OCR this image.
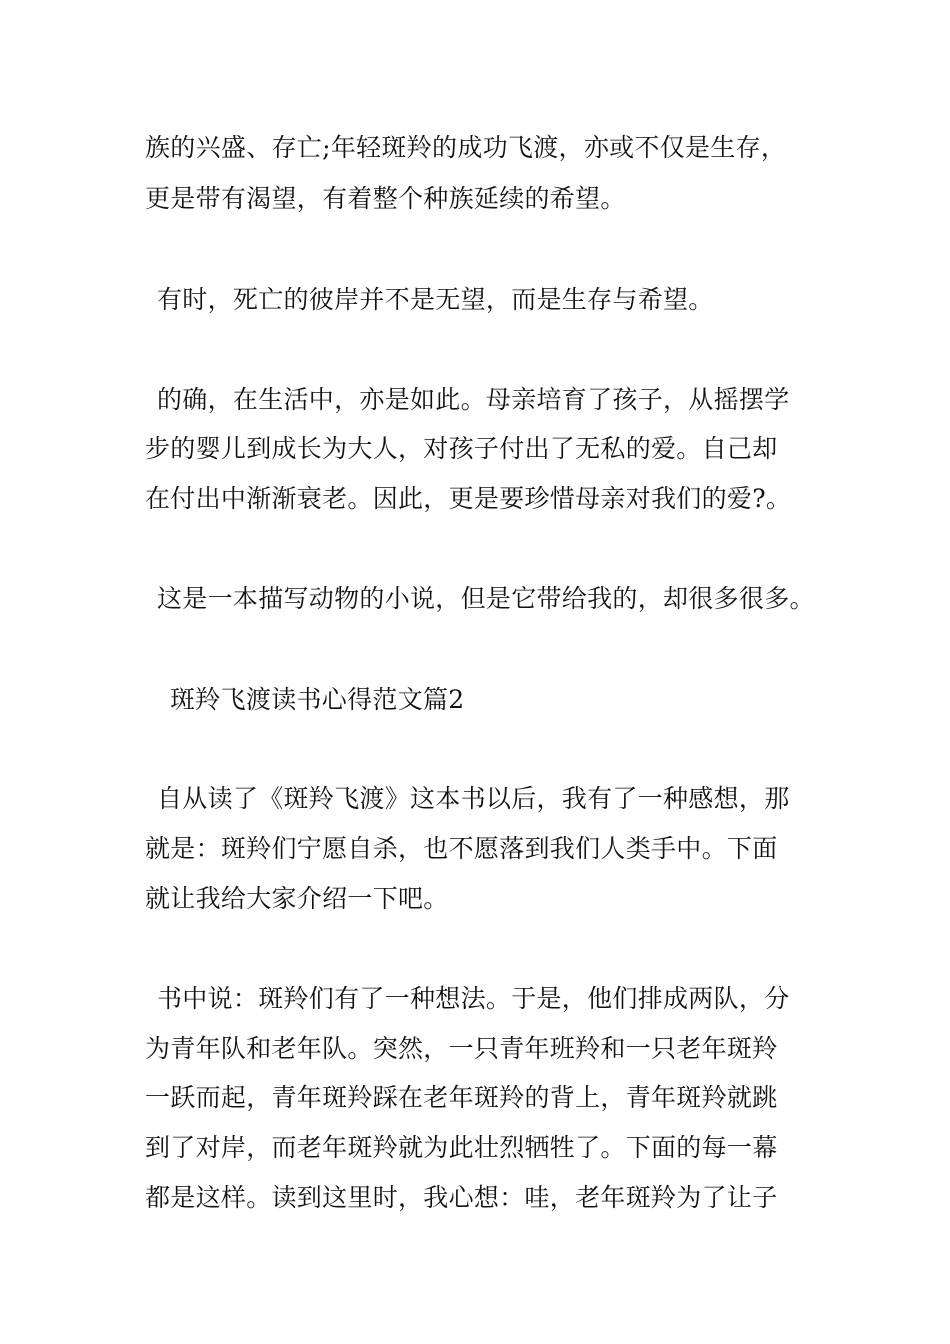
族的兴盛、存亡;年轻斑羚的成功飞渡，亦或不仅是生存，
更是带有渴望，有着整个种族延续的希望。
有时，死亡的彼岸并不是无望，而是生存与希望。
的确，在生活中，亦是如此。母亲培育了孩子，从摇摆学
步的婴儿到成长为大人，对孩子付出了无私的爱。自己却
在付出中渐渐衰老。因此，更是要珍惜母亲对我们的爱?。
这是一本描写动物的小说，但是它带给我的，却很多很多。
斑羚飞渡读书心得范文篇2
自从读了《斑羚飞渡》这本书以后，我有了一种感想，那
就是：斑羚们宁愿自杀，也不愿落到我们人类手中。下面
就让我给大家介绍一下吧。
书中说：斑羚们有了一种想法。于是，他们排成两队，分
为青年队和老年队。突然，一只青年班羚和一只老年斑羚
一跃而起，青年斑羚踩在老年斑羚的背上，青年斑羚就跳
到了对岸，而老年斑羚就为此壮烈牺牲了。下面的每一幕
都是这样。读到这里时，我心想：哇，老年斑羚为了让子
